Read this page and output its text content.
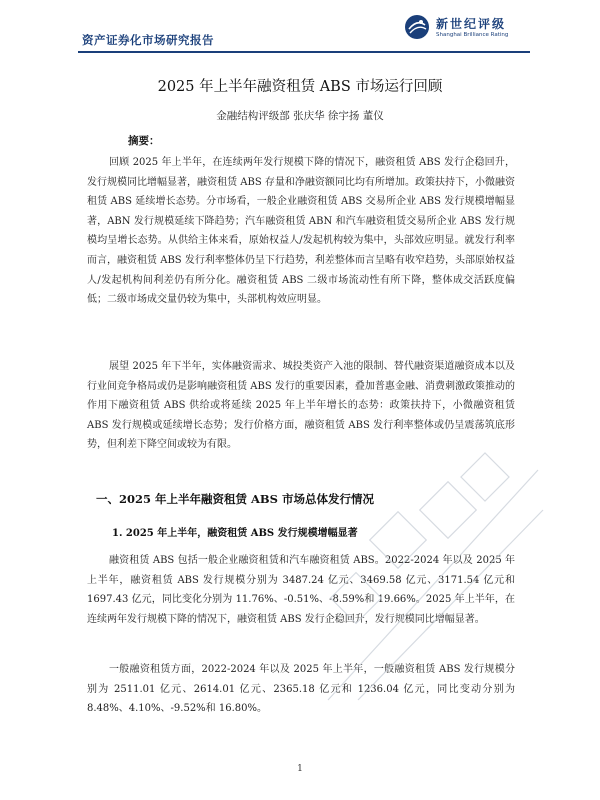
资产证券化市场研究报告
新世纪评级
Shanghai Brilliance Rating
2025 年上半年融资租赁 ABS 市场运行回顾
金融结构评级部 张庆华 徐宇扬 董仪
摘要：

回顾 2025 年上半年，在连续两年发行规模下降的情况下，融资租赁 ABS 发行企稳回升，发行规模同比增幅显著，融资租赁 ABS 存量和净融资额同比均有所增加。政策扶持下，小微融资租赁 ABS 延续增长态势。分市场看，一般企业融资租赁 ABS 交易所企业 ABS 发行规模增幅显著，ABN 发行规模延续下降趋势；汽车融资租赁 ABN 和汽车融资租赁交易所企业 ABS 发行规模均呈增长态势。从供给主体来看，原始权益人/发起机构较为集中，头部效应明显。就发行利率而言，融资租赁 ABS 发行利率整体仍呈下行趋势，利差整体而言呈略有收窄趋势，头部原始权益人/发起机构间利差仍有所分化。融资租赁 ABS 二级市场流动性有所下降，整体成交活跃度偏低；二级市场成交量仍较为集中，头部机构效应明显。

展望 2025 年下半年，实体融资需求、城投类资产入池的限制、替代融资渠道融资成本以及行业间竞争格局或仍是影响融资租赁 ABS 发行的重要因素，叠加普惠金融、消费刺激政策推动的作用下融资租赁 ABS 供给或将延续 2025 年上半年增长的态势：政策扶持下，小微融资租赁 ABS 发行规模或延续增长态势；发行价格方面，融资租赁 ABS 发行利率整体或仍呈震荡筑底形势，但利差下降空间或较为有限。

一、2025 年上半年融资租赁 ABS 市场总体发行情况
1. 2025 年上半年，融资租赁 ABS 发行规模增幅显著

融资租赁 ABS 包括一般企业融资租赁和汽车融资租赁 ABS。2022-2024 年以及 2025 年上半年，融资租赁 ABS 发行规模分别为 3487.24 亿元、3469.58 亿元、3171.54 亿元和 1697.43 亿元，同比变化分别为 11.76%、-0.51%、-8.59%和 19.66%。2025 年上半年，在连续两年发行规模下降的情况下，融资租赁 ABS 发行企稳回升，发行规模同比增幅显著。

一般融资租赁方面，2022-2024 年以及 2025 年上半年，一般融资租赁 ABS 发行规模分别为 2511.01 亿元、2614.01 亿元、2365.18 亿元和 1236.04 亿元，同比变动分别为 8.48%、4.10%、-9.52%和 16.80%。

1
